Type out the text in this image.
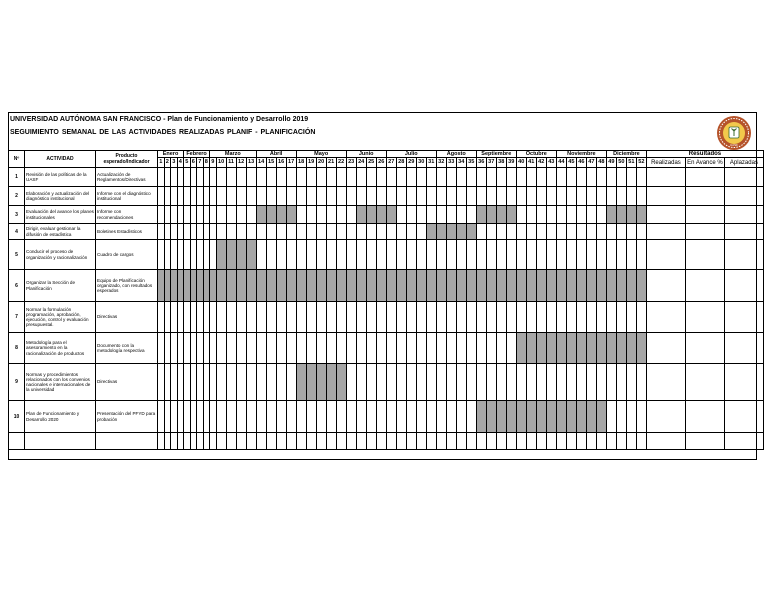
UNIVERSIDAD AUTÓNOMA SAN FRANCISCO - Plan de Funcionamiento y Desarrollo 2019
SEGUIMIENTO SEMANAL DE LAS ACTIVIDADES REALIZADAS PLANIF - PLANIFICACIÓN
UASF
Nº	ACTIVIDAD	Producto esperado/Indicador	Enero				Febrero				Marzo					Abril				Mayo					Junio				Julio					Agosto				Septiembre				Octubre				Noviembre					Diciembre				Resultados		
			1	2	3	4	5	6	7	8	9	10	11	12	13	14	15	16	17	18	19	20	21	22	23	24	25	26	27	28	29	30	31	32	33	34	35	36	37	38	39	40	41	42	43	44	45	46	47	48	49	50	51	52	Realizadas	En Avance %	Aplazadas
1	Revisión de las políticas de la UASF	Actualización de Reglamentos/Directivas																																																							
2	Elaboración y actualización del diagnóstico institucional	Informe con el diagnóstico institucional																																																							
3	Evaluación del avance los planes institucionales	Informe con recomendaciones																																																							
4	Dirigir, evaluar gestionar la difusión de estadística	Boletines Estadísticos																																																							
5	Conducir el proceso de organización y racionalización	Cuadro de cargos																																																							
6	Organizar la Sección de Planificación	Equipo de Planificación organizado, con resultados esperados																																																							
7	Normar la formulación programación, aprobación, ejecución, control y evaluación presupuestal.	Directivas																																																							
8	Metodología para el asesoramiento en la racionalización de productos	Documento con la metodología respectiva																																																							
9	Normas y procedimientos relacionados con los convenios nacionales e internacionales de la universidad	Directivas																																																							
10	Plan de Funcionamiento y Desarrollo 2020	Presentación del PFYD para probación																																																							
